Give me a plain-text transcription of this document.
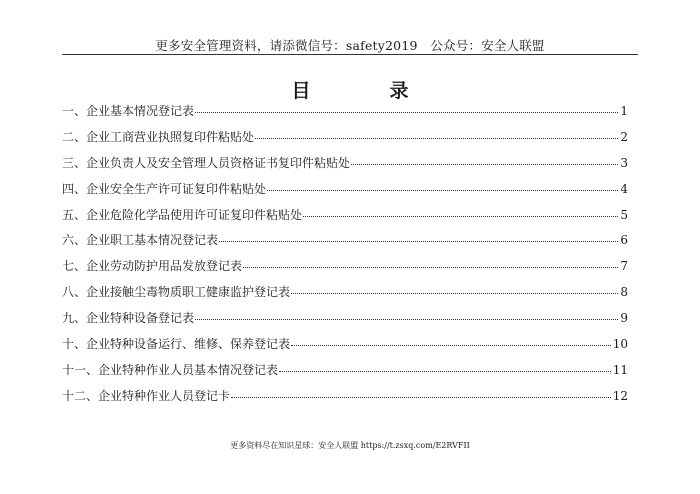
更多安全管理资料，请添微信号：safety2019　公众号：安全人联盟
目　录
一、企业基本情况登记表	1
二、企业工商营业执照复印件粘贴处	2
三、企业负责人及安全管理人员资格证书复印件粘贴处	3
四、企业安全生产许可证复印件粘贴处	4
五、企业危险化学品使用许可证复印件粘贴处	5
六、企业职工基本情况登记表	6
七、企业劳动防护用品发放登记表	7
八、企业接触尘毒物质职工健康监护登记表	8
九、企业特种设备登记表	9
十、企业特种设备运行、维修、保养登记表	10
十一、企业特种作业人员基本情况登记表	11
十二、企业特种作业人员登记卡	12
更多资料尽在知识星球：安全人联盟 https://t.zsxq.com/E2RVFII
